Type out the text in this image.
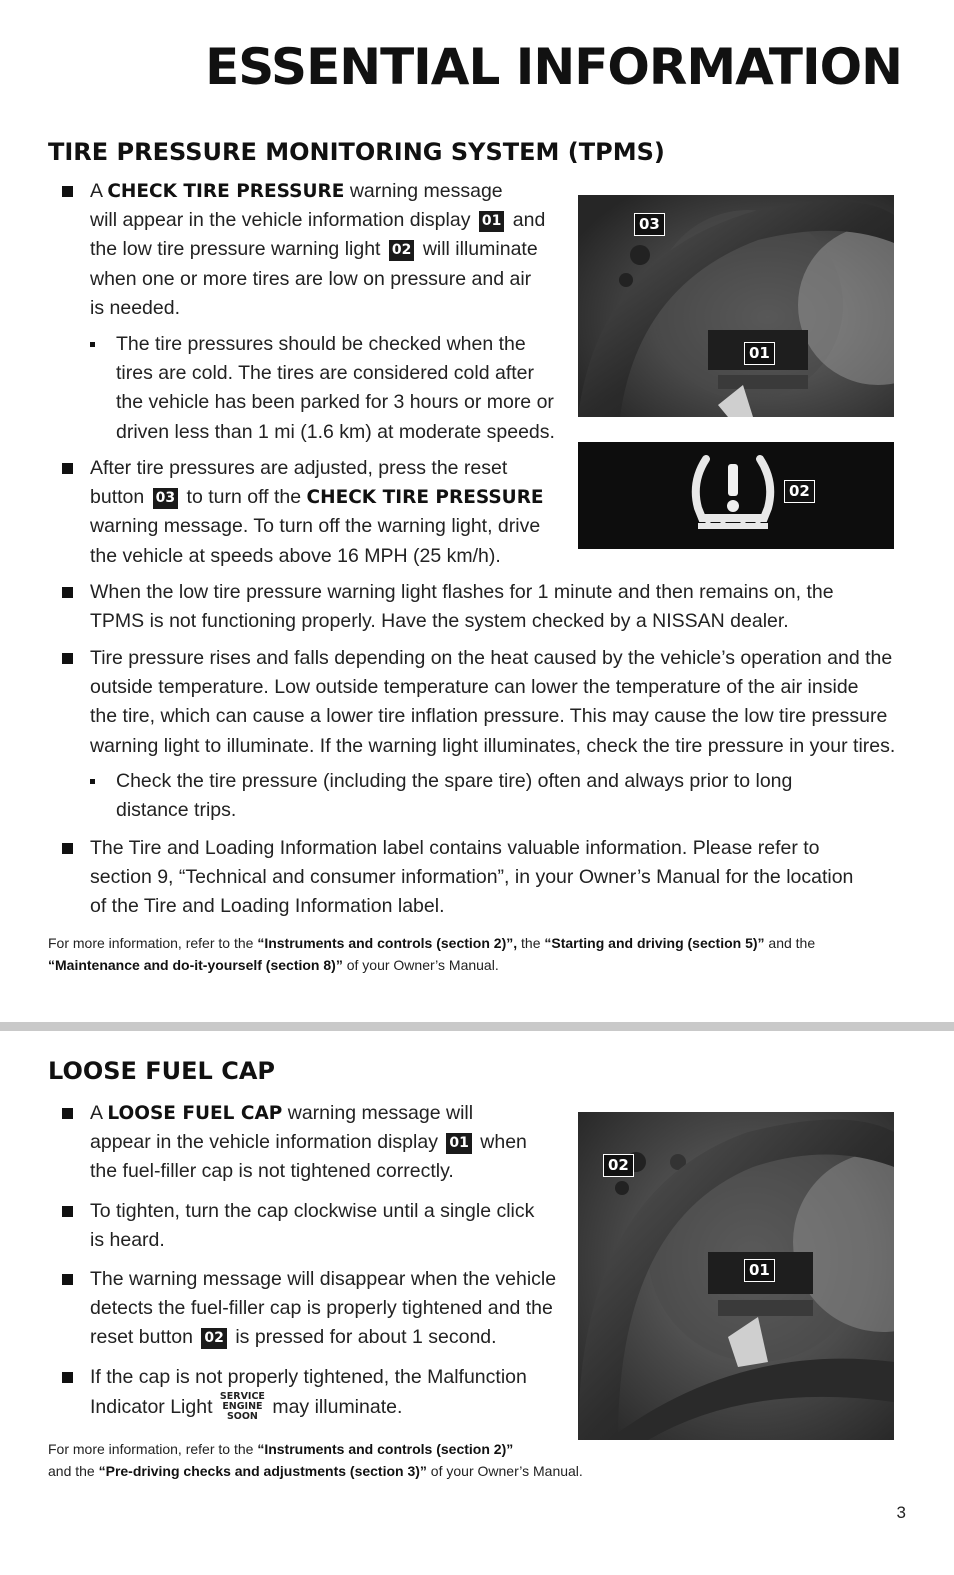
ESSENTIAL INFORMATION
TIRE PRESSURE MONITORING SYSTEM (TPMS)
A CHECK TIRE PRESSURE warning message
will appear in the vehicle information display 01 and
the low tire pressure warning light 02 will illuminate
when one or more tires are low on pressure and air
is needed.
The tire pressures should be checked when the
tires are cold. The tires are considered cold after
the vehicle has been parked for 3 hours or more or
driven less than 1 mi (1.6 km) at moderate speeds.
After tire pressures are adjusted, press the reset
button 03 to turn off the CHECK TIRE PRESSURE
warning message. To turn off the warning light, drive
the vehicle at speeds above 16 MPH (25 km/h).
When the low tire pressure warning light flashes for 1 minute and then remains on, the
TPMS is not functioning properly. Have the system checked by a NISSAN dealer.
Tire pressure rises and falls depending on the heat caused by the vehicle’s operation and the
outside temperature. Low outside temperature can lower the temperature of the air inside
the tire, which can cause a lower tire inflation pressure. This may cause the low tire pressure
warning light to illuminate. If the warning light illuminates, check the tire pressure in your tires.
Check the tire pressure (including the spare tire) often and always prior to long
distance trips.
The Tire and Loading Information label contains valuable information. Please refer to
section 9, “Technical and consumer information”, in your Owner’s Manual for the location
of the Tire and Loading Information label.
For more information, refer to the “Instruments and controls (section 2)”, the “Starting and driving (section 5)” and the
“Maintenance and do-it-yourself (section 8)” of your Owner’s Manual.
03
01
02
LOOSE FUEL CAP
A LOOSE FUEL CAP warning message will
appear in the vehicle information display 01 when
the fuel-filler cap is not tightened correctly.
To tighten, turn the cap clockwise until a single click
is heard.
The warning message will disappear when the vehicle
detects the fuel-filler cap is properly tightened and the
reset button 02 is pressed for about 1 second.
If the cap is not properly tightened, the Malfunction
Indicator Light SERVICE
ENGINE
SOON may illuminate.
For more information, refer to the “Instruments and controls (section 2)”
and the “Pre-driving checks and adjustments (section 3)” of your Owner’s Manual.
02
01
3
